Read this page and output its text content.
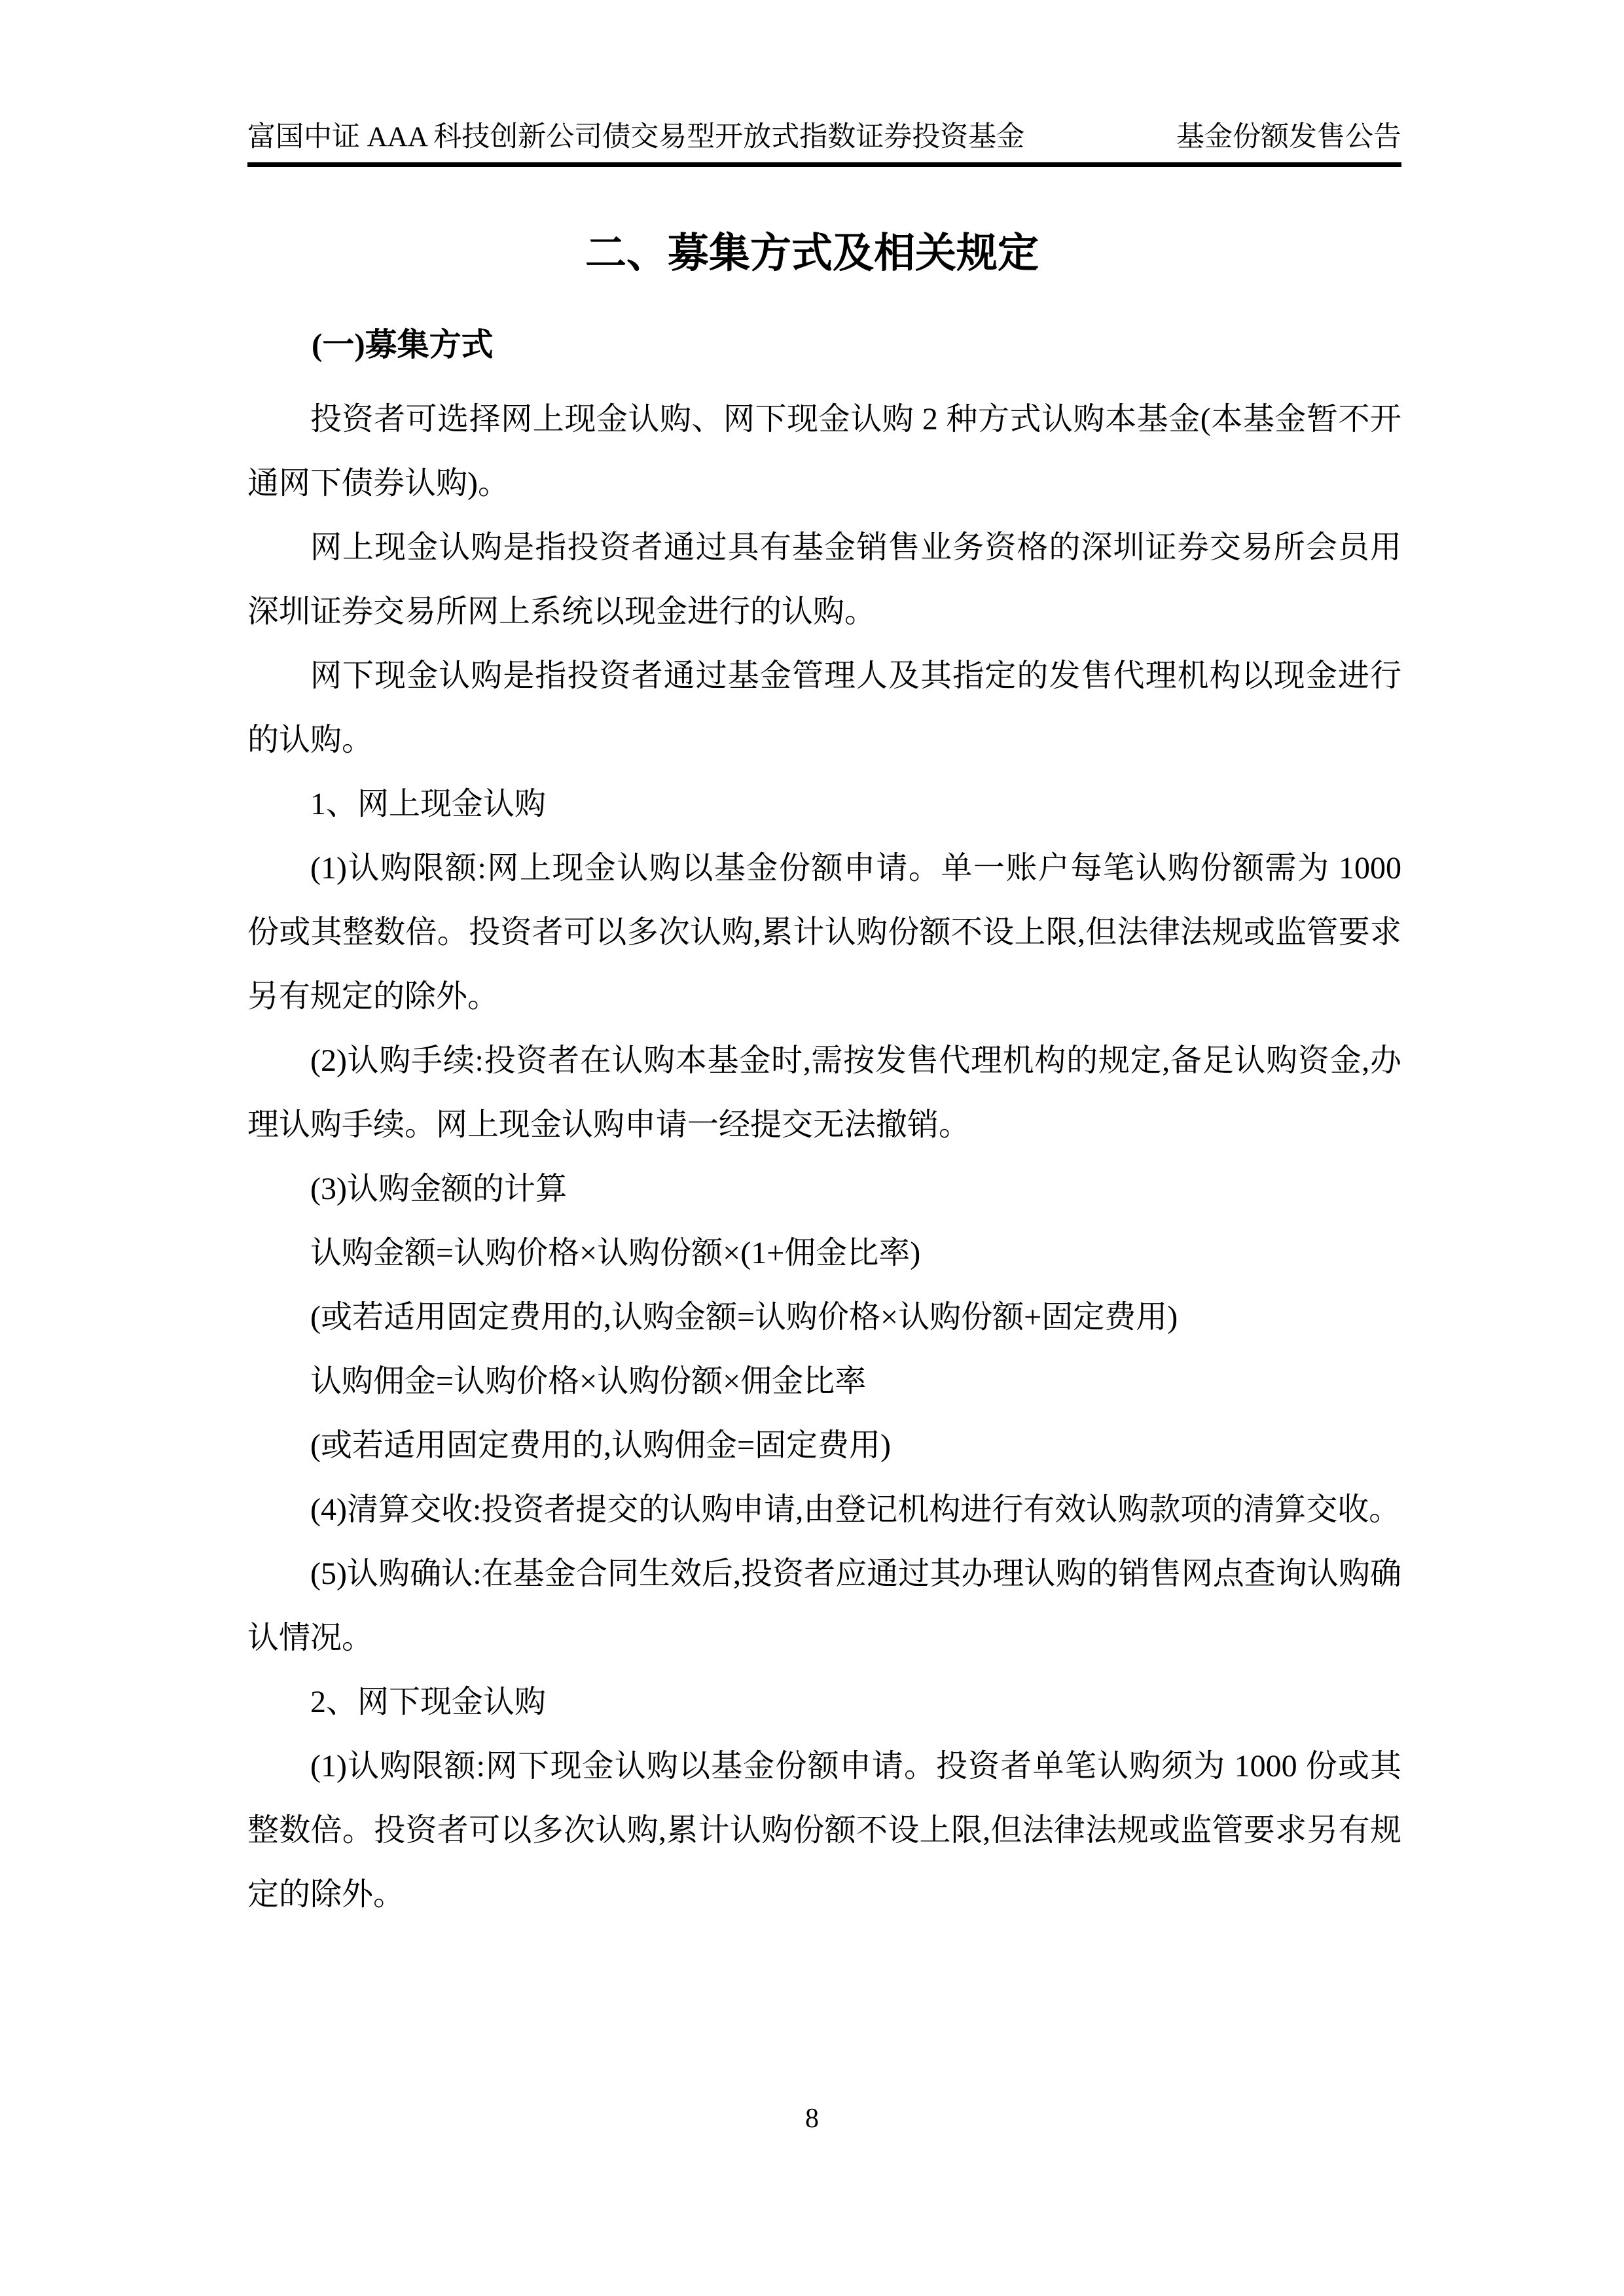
富国中证 AAA 科技创新公司债交易型开放式指数证券投资基金	基金份额发售公告
二、募集方式及相关规定
(一)募集方式

投资者可选择网上现金认购、网下现金认购 2 种方式认购本基金(本基金暂不开通网下债券认购)。

网上现金认购是指投资者通过具有基金销售业务资格的深圳证券交易所会员用深圳证券交易所网上系统以现金进行的认购。

网下现金认购是指投资者通过基金管理人及其指定的发售代理机构以现金进行的认购。

1、网上现金认购

(1)认购限额:网上现金认购以基金份额申请。单一账户每笔认购份额需为 1000 份或其整数倍。投资者可以多次认购,累计认购份额不设上限,但法律法规或监管要求另有规定的除外。

(2)认购手续:投资者在认购本基金时,需按发售代理机构的规定,备足认购资金,办理认购手续。网上现金认购申请一经提交无法撤销。

(3)认购金额的计算

认购金额=认购价格×认购份额×(1+佣金比率)

(或若适用固定费用的,认购金额=认购价格×认购份额+固定费用)

认购佣金=认购价格×认购份额×佣金比率

(或若适用固定费用的,认购佣金=固定费用)

(4)清算交收:投资者提交的认购申请,由登记机构进行有效认购款项的清算交收。

(5)认购确认:在基金合同生效后,投资者应通过其办理认购的销售网点查询认购确认情况。

2、网下现金认购

(1)认购限额:网下现金认购以基金份额申请。投资者单笔认购须为 1000 份或其整数倍。投资者可以多次认购,累计认购份额不设上限,但法律法规或监管要求另有规定的除外。

8
